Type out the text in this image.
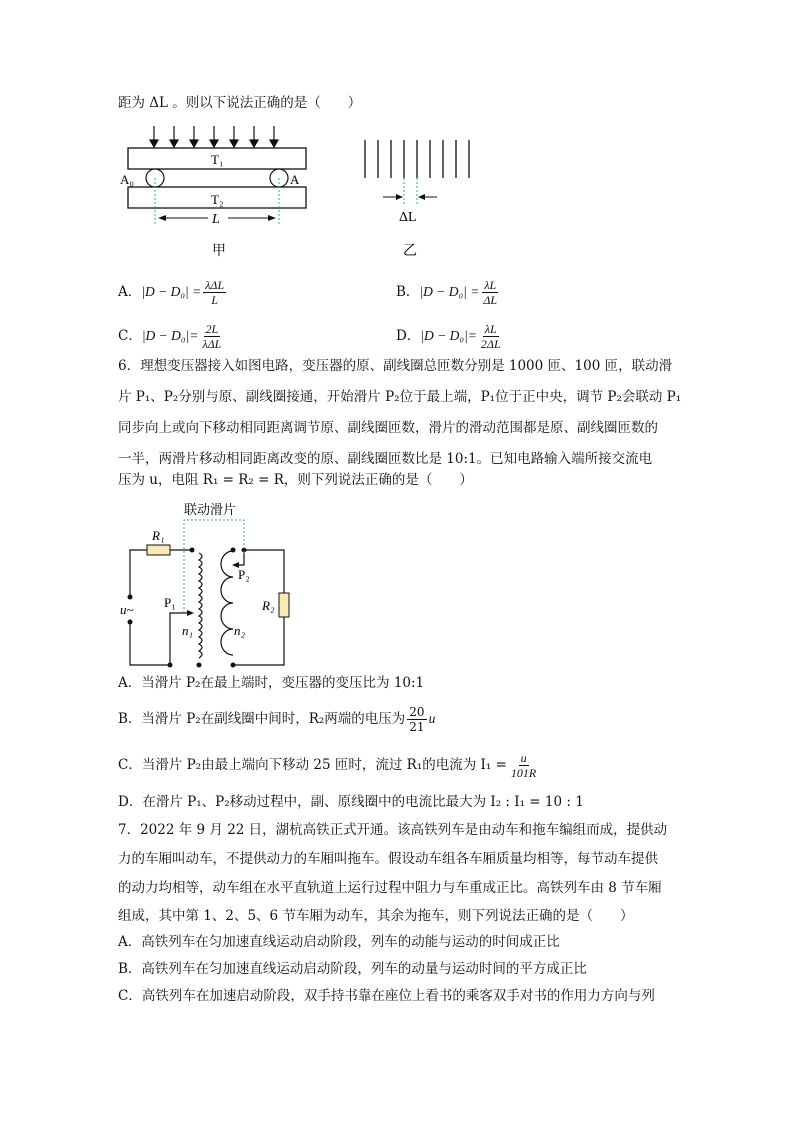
距为 ΔL 。则以下说法正确的是（　　）
T₁
T₂
A₀	A
L
甲
ΔL
乙
A．$|D - D_0| = \frac{\text{λΔL}}{L}$	B．$|D - D_0| = \frac{\lambda L}{\Delta L}$
C．$|D - D_0|= \frac{2L}{\text{λΔL}}$	D．$|D - D_0|= \frac{\lambda L}{2\Delta L}$
6．理想变压器接入如图电路，变压器的原、副线圈总匝数分别是 1000 匝、100 匝，联动滑
片 P₁、P₂分别与原、副线圈接通，开始滑片 P₂位于最上端，P₁位于正中央，调节 P₂会联动 P₁
同步向上或向下移动相同距离调节原、副线圈匝数，滑片的滑动范围都是原、副线圈匝数的
一半，两滑片移动相同距离改变的原、副线圈匝数比是 10:1。已知电路输入端所接交流电
压为 u，电阻 R₁ = R₂ = R，则下列说法正确的是（　　）
联动滑片
R₁
R₂
P₁
P₂
n₁	n₂
u~
A．当滑片 P₂在最上端时，变压器的变压比为 10:1
B．当滑片 P₂在副线圈中间时，R₂两端的电压为 $\frac{20}{21}$ u
C．当滑片 P₂由最上端向下移动 25 匝时，流过 R₁的电流为 $I_1 = \frac{u}{101R}$
D．在滑片 P₁、P₂移动过程中，副、原线圈中的电流比最大为 I₂ : I₁ = 10 : 1
7．2022 年 9 月 22 日，湖杭高铁正式开通。该高铁列车是由动车和拖车编组而成，提供动
力的车厢叫动车，不提供动力的车厢叫拖车。假设动车组各车厢质量均相等，每节动车提供
的动力均相等，动车组在水平直轨道上运行过程中阻力与车重成正比。高铁列车由 8 节车厢
组成，其中第 1、2、5、6 节车厢为动车，其余为拖车，则下列说法正确的是（　　）
A．高铁列车在匀加速直线运动启动阶段，列车的动能与运动的时间成正比
B．高铁列车在匀加速直线运动启动阶段，列车的动量与运动时间的平方成正比
C．高铁列车在加速启动阶段，双手持书靠在座位上看书的乘客双手对书的作用力方向与列
